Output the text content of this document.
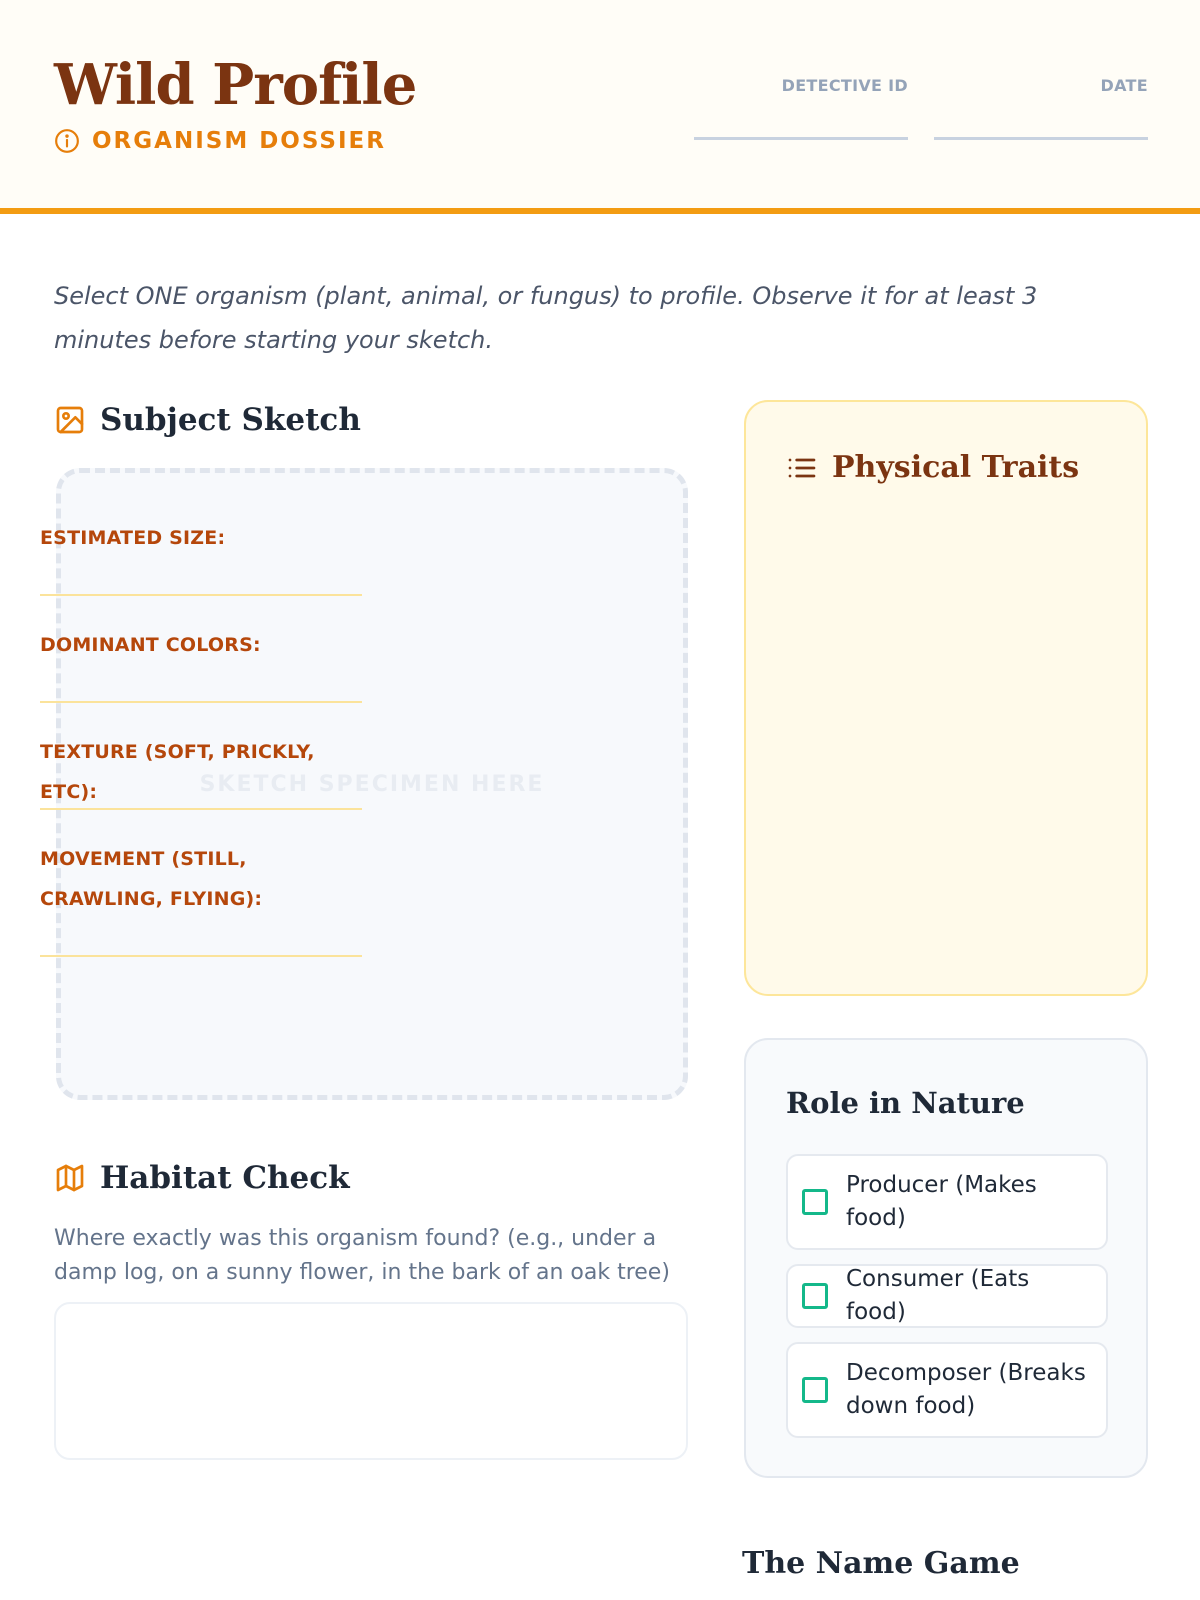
Wild Profile
ORGANISM DOSSIER
DETECTIVE ID	DATE

Select ONE organism (plant, animal, or fungus) to profile. Observe it for at least 3 minutes before starting your sketch.

Subject Sketch
SKETCH SPECIMEN HERE
Habitat Check

Where exactly was this organism found? (e.g., under a damp log, on a sunny flower, in the bark of an oak tree)

Physical Traits
ESTIMATED SIZE:
DOMINANT COLORS:
TEXTURE (SOFT, PRICKLY, ETC):
MOVEMENT (STILL, CRAWLING, FLYING):
Role in Nature
Producer (Makes food)
Consumer (Eats food)
Decomposer (Breaks down food)
The Name Game
